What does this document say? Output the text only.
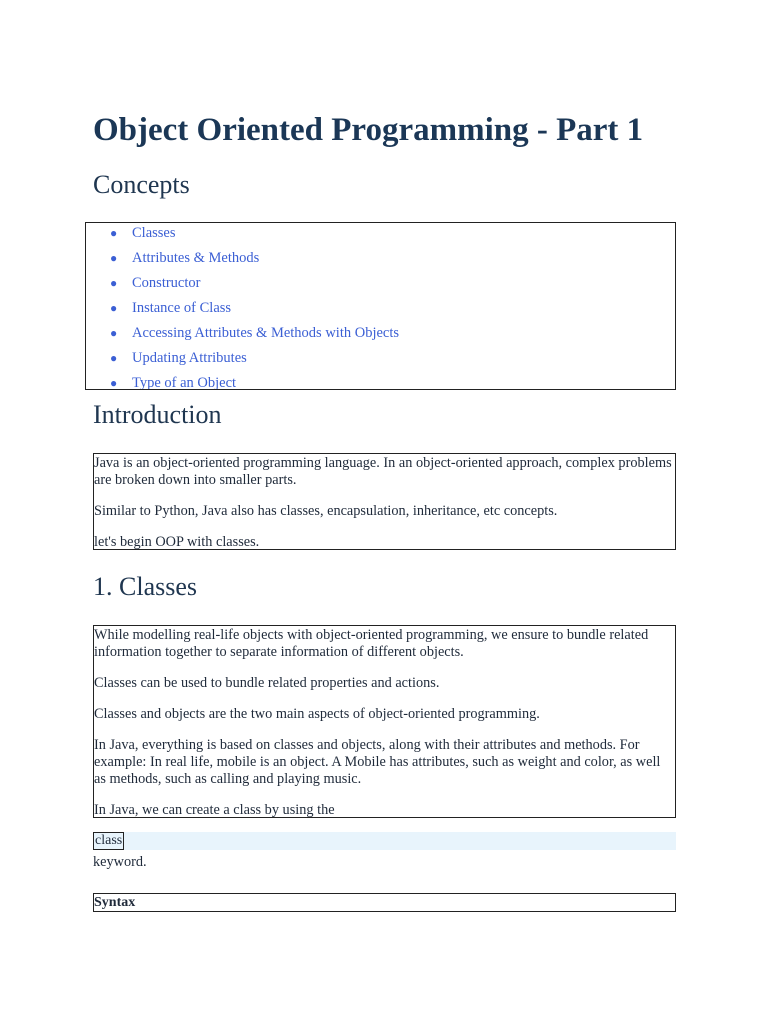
Object Oriented Programming - Part 1
Concepts
● Classes
● Attributes & Methods
● Constructor
● Instance of Class
● Accessing Attributes & Methods with Objects
● Updating Attributes
● Type of an Object
Introduction

Java is an object-oriented programming language. In an object-oriented approach, complex problems are broken down into smaller parts.

Similar to Python, Java also has classes, encapsulation, inheritance, etc concepts.

let's begin OOP with classes.

1. Classes

While modelling real-life objects with object-oriented programming, we ensure to bundle related information together to separate information of different objects.

Classes can be used to bundle related properties and actions.

Classes and objects are the two main aspects of object-oriented programming.

In Java, everything is based on classes and objects, along with their attributes and methods. For example: In real life, mobile is an object. A Mobile has attributes, such as weight and color, as well as methods, such as calling and playing music.

In Java, we can create a class by using the

class
keyword.
Syntax
